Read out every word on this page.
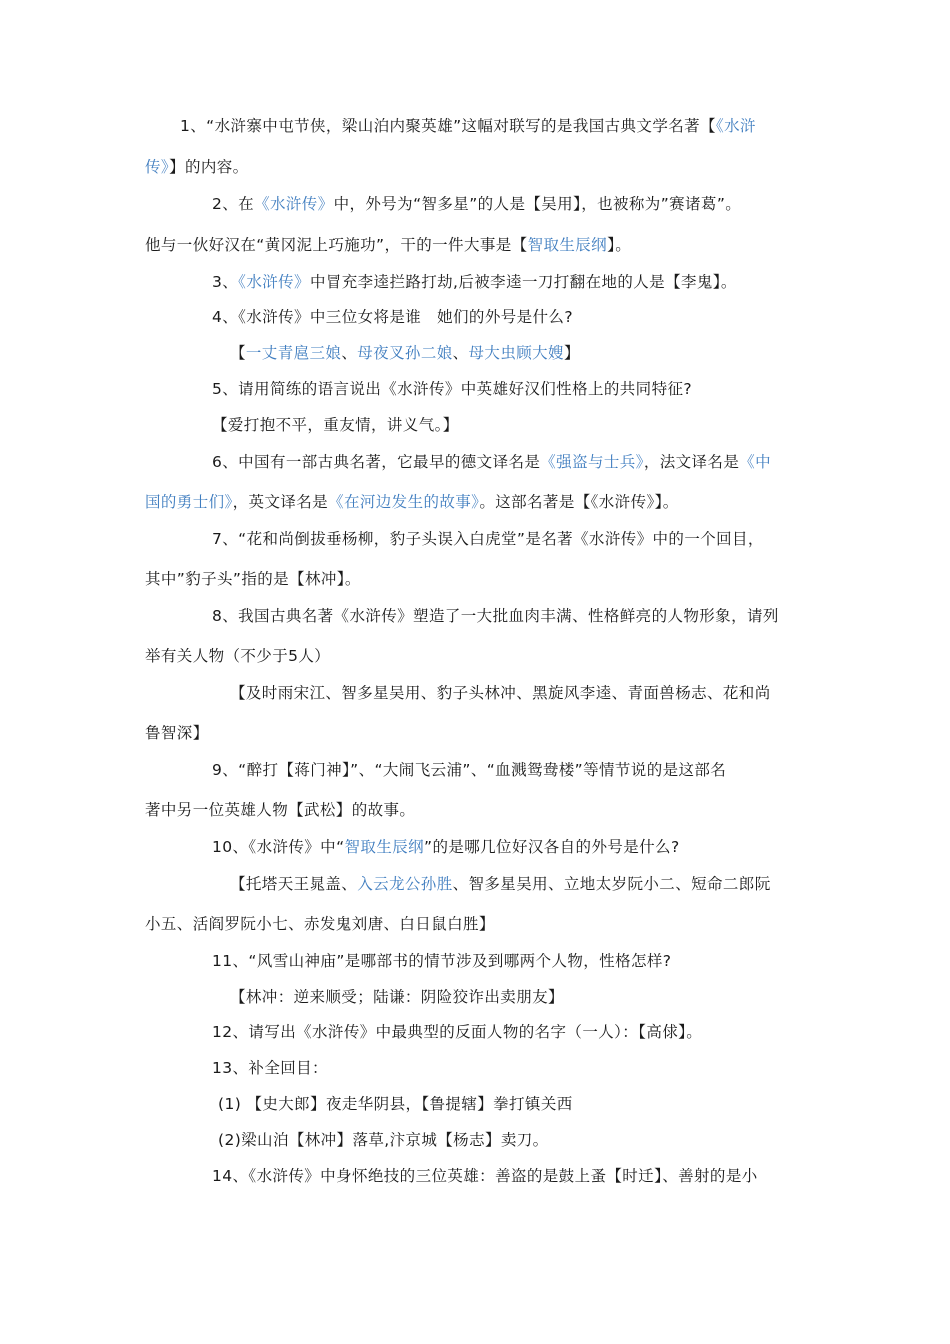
1、“水浒寨中屯节侠，梁山泊内聚英雄”这幅对联写的是我国古典文学名著【《水浒
传》】的内容。
2、在《水浒传》中，外号为“智多星”的人是【吴用】，也被称为”赛诸葛”。
他与一伙好汉在“黄冈泥上巧施功”，干的一件大事是【智取生辰纲】。
3、《水浒传》中冒充李逵拦路打劫,后被李逵一刀打翻在地的人是【李鬼】。
4、《水浒传》中三位女将是谁　她们的外号是什么?
【一丈青扈三娘、母夜叉孙二娘、母大虫顾大嫂】
5、请用简练的语言说出《水浒传》中英雄好汉们性格上的共同特征?
【爱打抱不平，重友情，讲义气。】
6、中国有一部古典名著，它最早的德文译名是《强盗与士兵》，法文译名是《中
国的勇士们》，英文译名是《在河边发生的故事》。这部名著是【《水浒传》】。
7、“花和尚倒拔垂杨柳，豹子头误入白虎堂”是名著《水浒传》中的一个回目，
其中”豹子头”指的是【林冲】。
8、我国古典名著《水浒传》塑造了一大批血肉丰满、性格鲜亮的人物形象，请列
举有关人物（不少于5人）
【及时雨宋江、智多星吴用、豹子头林冲、黑旋风李逵、青面兽杨志、花和尚
鲁智深】
9、“醉打【蒋门神】”、“大闹飞云浦”、“血溅鸳鸯楼”等情节说的是这部名
著中另一位英雄人物【武松】的故事。
10、《水浒传》中“智取生辰纲”的是哪几位好汉各自的外号是什么?
【托塔天王晁盖、入云龙公孙胜、智多星吴用、立地太岁阮小二、短命二郎阮
小五、活阎罗阮小七、赤发鬼刘唐、白日鼠白胜】
11、“风雪山神庙”是哪部书的情节涉及到哪两个人物，性格怎样?
【林冲：逆来顺受；陆谦：阴险狡诈出卖朋友】
12、请写出《水浒传》中最典型的反面人物的名字（一人）：【高俅】。
13、补全回目：
(1) 【史大郎】夜走华阴县，【鲁提辖】拳打镇关西
(2)梁山泊【林冲】落草,汴京城【杨志】卖刀。
14、《水浒传》中身怀绝技的三位英雄：善盗的是鼓上蚤【时迁】、善射的是小
